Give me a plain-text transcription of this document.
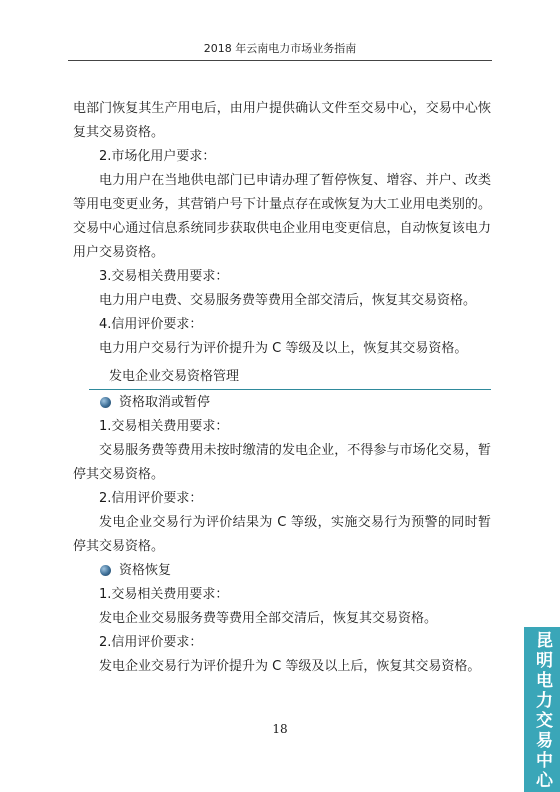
2018 年云南电力市场业务指南

电部门恢复其生产用电后，由用户提供确认文件至交易中心，交易中心恢复其交易资格。

2.市场化用户要求：

电力用户在当地供电部门已申请办理了暂停恢复、增容、并户、改类等用电变更业务，其营销户号下计量点存在或恢复为大工业用电类别的。交易中心通过信息系统同步获取供电企业用电变更信息，自动恢复该电力用户交易资格。

3.交易相关费用要求：

电力用户电费、交易服务费等费用全部交清后，恢复其交易资格。

4.信用评价要求：

电力用户交易行为评价提升为 C 等级及以上，恢复其交易资格。

发电企业交易资格管理
资格取消或暂停

1.交易相关费用要求：

交易服务费等费用未按时缴清的发电企业，不得参与市场化交易，暂停其交易资格。

2.信用评价要求：

发电企业交易行为评价结果为 C 等级，实施交易行为预警的同时暂停其交易资格。

资格恢复

1.交易相关费用要求：

发电企业交易服务费等费用全部交清后，恢复其交易资格。

2.信用评价要求：

发电企业交易行为评价提升为 C 等级及以上后，恢复其交易资格。

18	昆明电力交易中心
